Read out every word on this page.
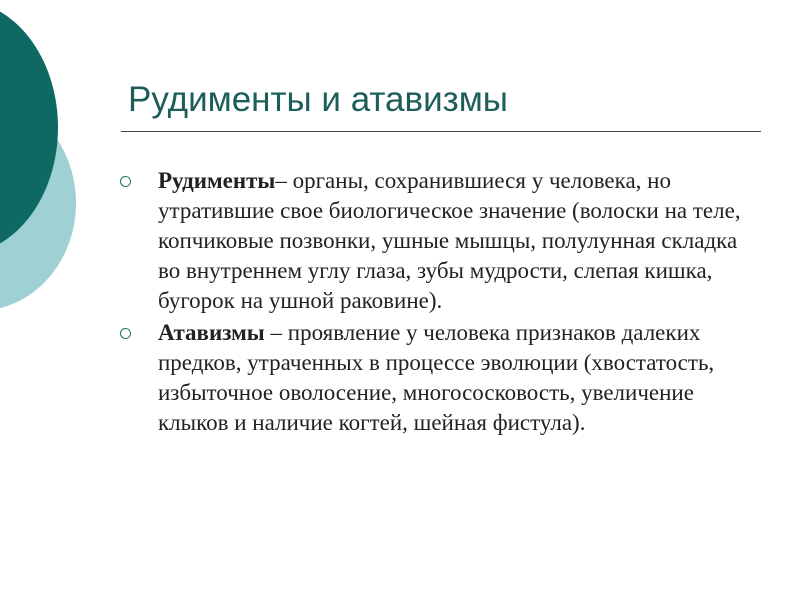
Рудименты и атавизмы
Рудименты– органы, сохранившиеся у человека, но утратившие свое биологическое значение (волоски на теле, копчиковые позвонки, ушные мышцы, полулунная складка во внутреннем углу глаза, зубы мудрости, слепая кишка, бугорок на ушной раковине).
Атавизмы – проявление у человека признаков далеких предков, утраченных в процессе эволюции (хвостатость, избыточное оволосение, многососковость, увеличение клыков и наличие когтей, шейная фистула).
